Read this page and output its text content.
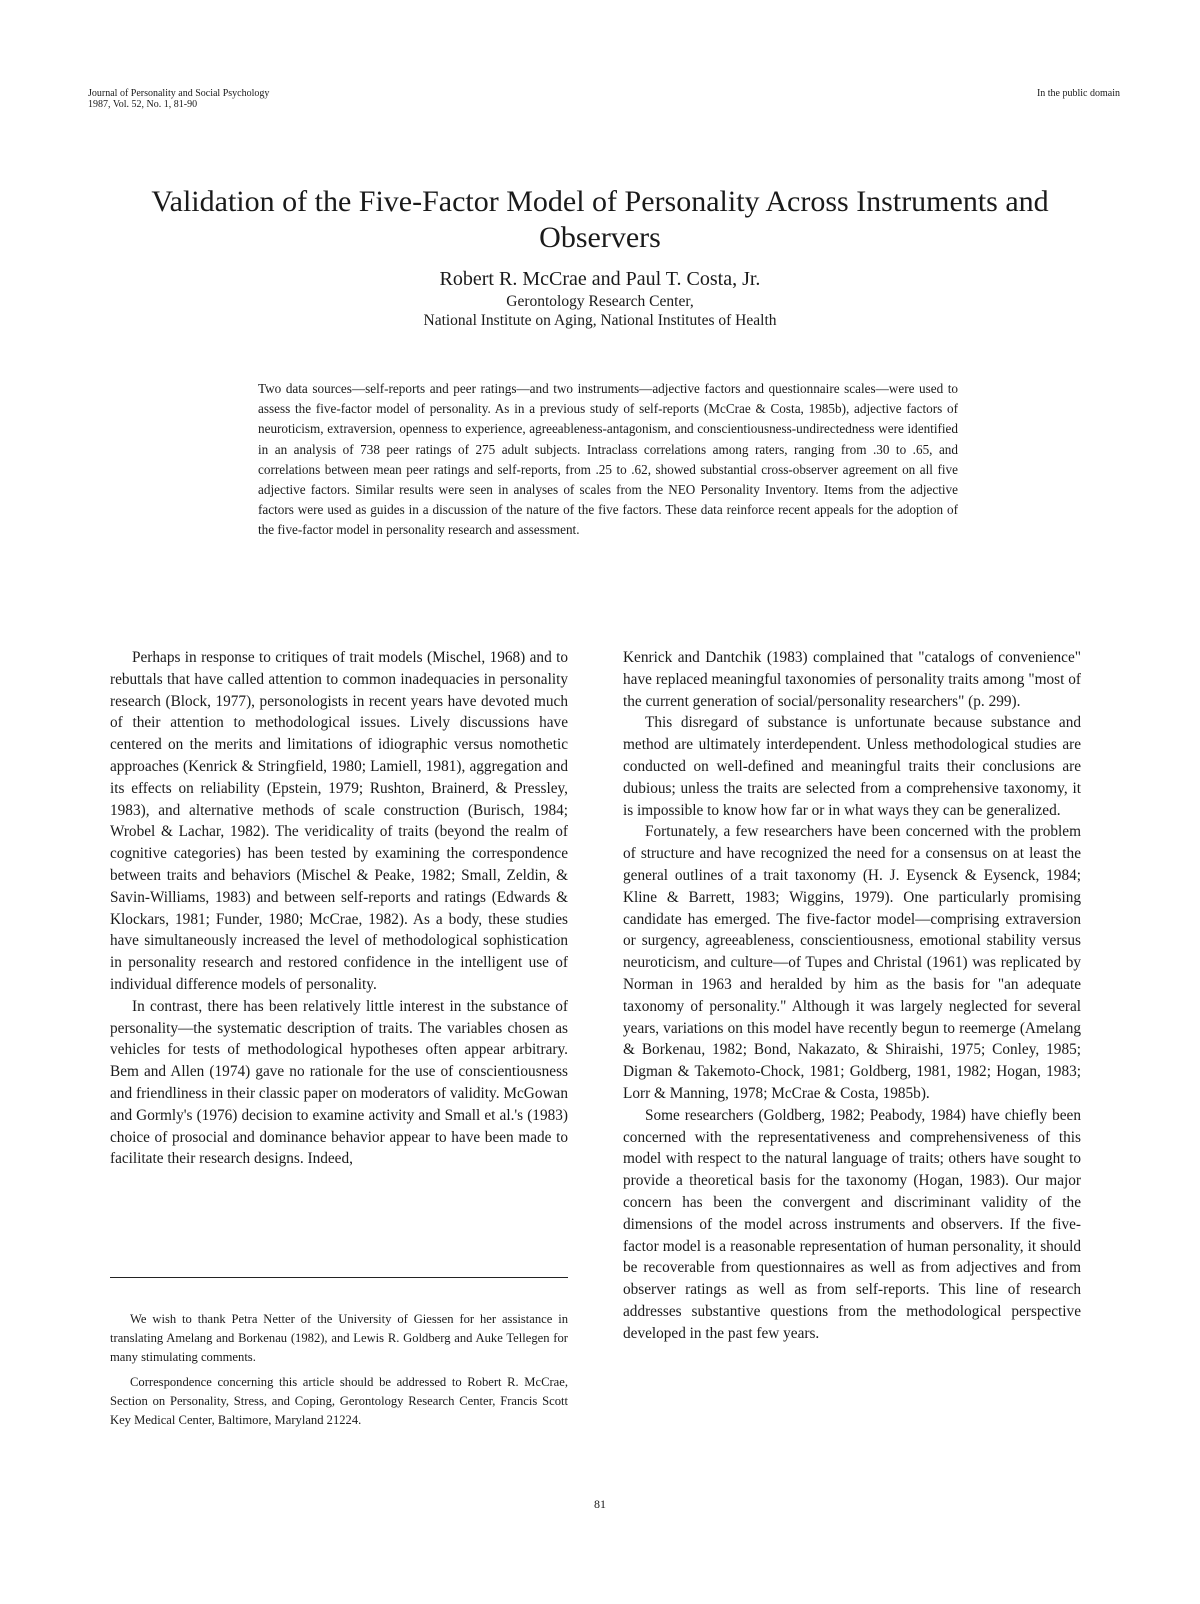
Journal of Personality and Social Psychology
1987, Vol. 52, No. 1, 81-90
In the public domain
Validation of the Five-Factor Model of Personality Across Instruments and Observers
Robert R. McCrae and Paul T. Costa, Jr.
Gerontology Research Center,
National Institute on Aging, National Institutes of Health
Two data sources—self-reports and peer ratings—and two instruments—adjective factors and questionnaire scales—were used to assess the five-factor model of personality. As in a previous study of self-reports (McCrae & Costa, 1985b), adjective factors of neuroticism, extraversion, openness to experience, agreeableness-antagonism, and conscientiousness-undirectedness were identified in an analysis of 738 peer ratings of 275 adult subjects. Intraclass correlations among raters, ranging from .30 to .65, and correlations between mean peer ratings and self-reports, from .25 to .62, showed substantial cross-observer agreement on all five adjective factors. Similar results were seen in analyses of scales from the NEO Personality Inventory. Items from the adjective factors were used as guides in a discussion of the nature of the five factors. These data reinforce recent appeals for the adoption of the five-factor model in personality research and assessment.

Perhaps in response to critiques of trait models (Mischel, 1968) and to rebuttals that have called attention to common inadequacies in personality research (Block, 1977), personologists in recent years have devoted much of their attention to methodological issues. Lively discussions have centered on the merits and limitations of idiographic versus nomothetic approaches (Kenrick & Stringfield, 1980; Lamiell, 1981), aggregation and its effects on reliability (Epstein, 1979; Rushton, Brainerd, & Pressley, 1983), and alternative methods of scale construction (Burisch, 1984; Wrobel & Lachar, 1982). The veridicality of traits (beyond the realm of cognitive categories) has been tested by examining the correspondence between traits and behaviors (Mischel & Peake, 1982; Small, Zeldin, & Savin-Williams, 1983) and between self-reports and ratings (Edwards & Klockars, 1981; Funder, 1980; McCrae, 1982). As a body, these studies have simultaneously increased the level of methodological sophistication in personality research and restored confidence in the intelligent use of individual difference models of personality.

In contrast, there has been relatively little interest in the substance of personality—the systematic description of traits. The variables chosen as vehicles for tests of methodological hypotheses often appear arbitrary. Bem and Allen (1974) gave no rationale for the use of conscientiousness and friendliness in their classic paper on moderators of validity. McGowan and Gormly's (1976) decision to examine activity and Small et al.'s (1983) choice of prosocial and dominance behavior appear to have been made to facilitate their research designs. Indeed,

We wish to thank Petra Netter of the University of Giessen for her assistance in translating Amelang and Borkenau (1982), and Lewis R. Goldberg and Auke Tellegen for many stimulating comments.

Correspondence concerning this article should be addressed to Robert R. McCrae, Section on Personality, Stress, and Coping, Gerontology Research Center, Francis Scott Key Medical Center, Baltimore, Maryland 21224.

Kenrick and Dantchik (1983) complained that "catalogs of convenience" have replaced meaningful taxonomies of personality traits among "most of the current generation of social/personality researchers" (p. 299).

This disregard of substance is unfortunate because substance and method are ultimately interdependent. Unless methodological studies are conducted on well-defined and meaningful traits their conclusions are dubious; unless the traits are selected from a comprehensive taxonomy, it is impossible to know how far or in what ways they can be generalized.

Fortunately, a few researchers have been concerned with the problem of structure and have recognized the need for a consensus on at least the general outlines of a trait taxonomy (H. J. Eysenck & Eysenck, 1984; Kline & Barrett, 1983; Wiggins, 1979). One particularly promising candidate has emerged. The five-factor model—comprising extraversion or surgency, agreeableness, conscientiousness, emotional stability versus neuroticism, and culture—of Tupes and Christal (1961) was replicated by Norman in 1963 and heralded by him as the basis for "an adequate taxonomy of personality." Although it was largely neglected for several years, variations on this model have recently begun to reemerge (Amelang & Borkenau, 1982; Bond, Nakazato, & Shiraishi, 1975; Conley, 1985; Digman & Takemoto-Chock, 1981; Goldberg, 1981, 1982; Hogan, 1983; Lorr & Manning, 1978; McCrae & Costa, 1985b).

Some researchers (Goldberg, 1982; Peabody, 1984) have chiefly been concerned with the representativeness and comprehensiveness of this model with respect to the natural language of traits; others have sought to provide a theoretical basis for the taxonomy (Hogan, 1983). Our major concern has been the convergent and discriminant validity of the dimensions of the model across instruments and observers. If the five-factor model is a reasonable representation of human personality, it should be recoverable from questionnaires as well as from adjectives and from observer ratings as well as from self-reports. This line of research addresses substantive questions from the methodological perspective developed in the past few years.

81
